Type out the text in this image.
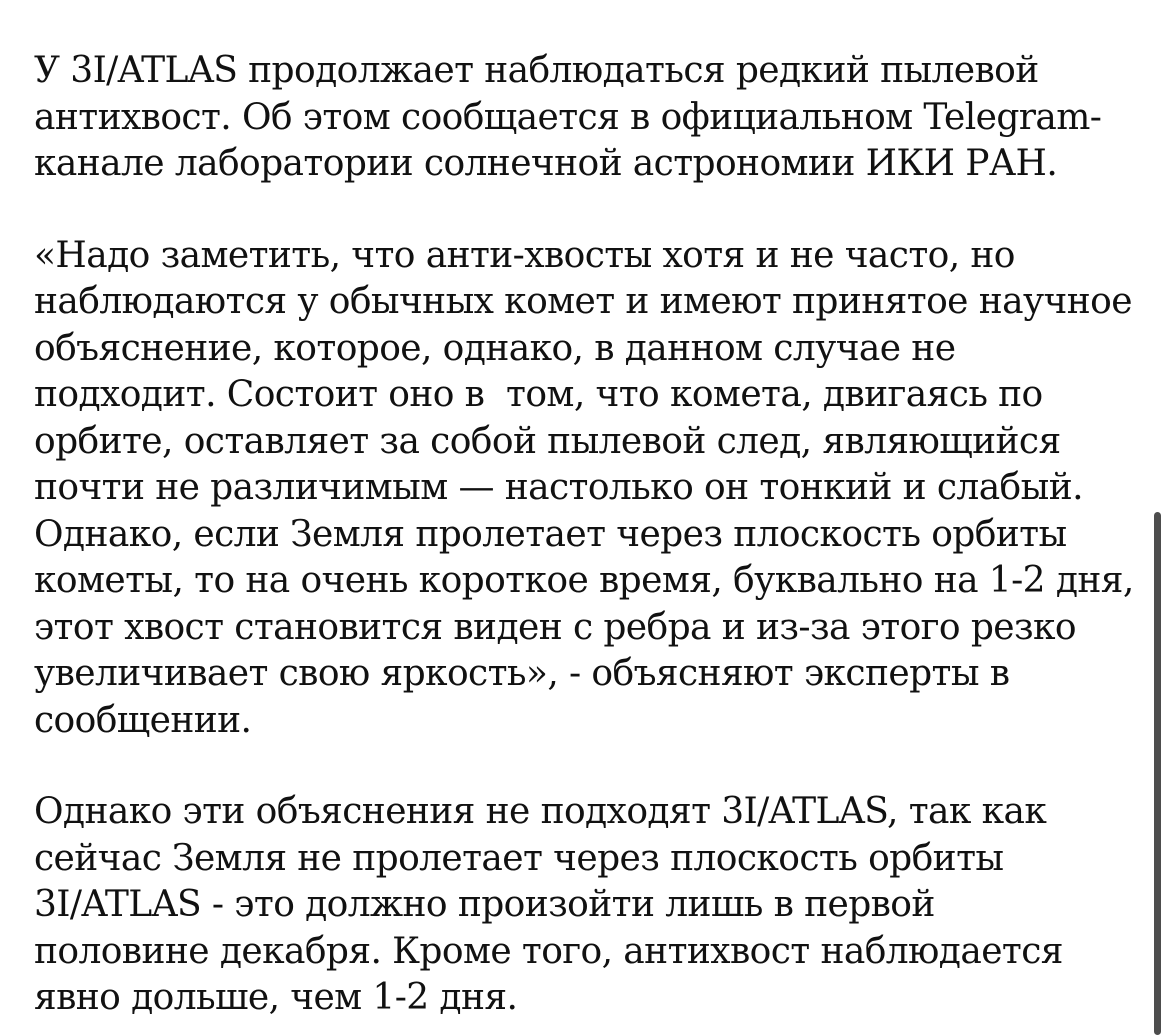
У 3I/ATLAS продолжает наблюдаться редкий пылевой
антихвост. Об этом сообщается в официальном Telegram-
канале лаборатории солнечной астрономии ИКИ РАН.
«Надо заметить, что анти-хвосты хотя и не часто, но
наблюдаются у обычных комет и имеют принятое научное
объяснение, которое, однако, в данном случае не
подходит. Состоит оно в  том, что комета, двигаясь по
орбите, оставляет за собой пылевой след, являющийся
почти не различимым — настолько он тонкий и слабый.
Однако, если Земля пролетает через плоскость орбиты
кометы, то на очень короткое время, буквально на 1-2 дня,
этот хвост становится виден с ребра и из-за этого резко
увеличивает свою яркость», - объясняют эксперты в
сообщении.
Однако эти объяснения не подходят 3I/ATLAS, так как
сейчас Земля не пролетает через плоскость орбиты
3I/ATLAS - это должно произойти лишь в первой
половине декабря. Кроме того, антихвост наблюдается
явно дольше, чем 1-2 дня.
